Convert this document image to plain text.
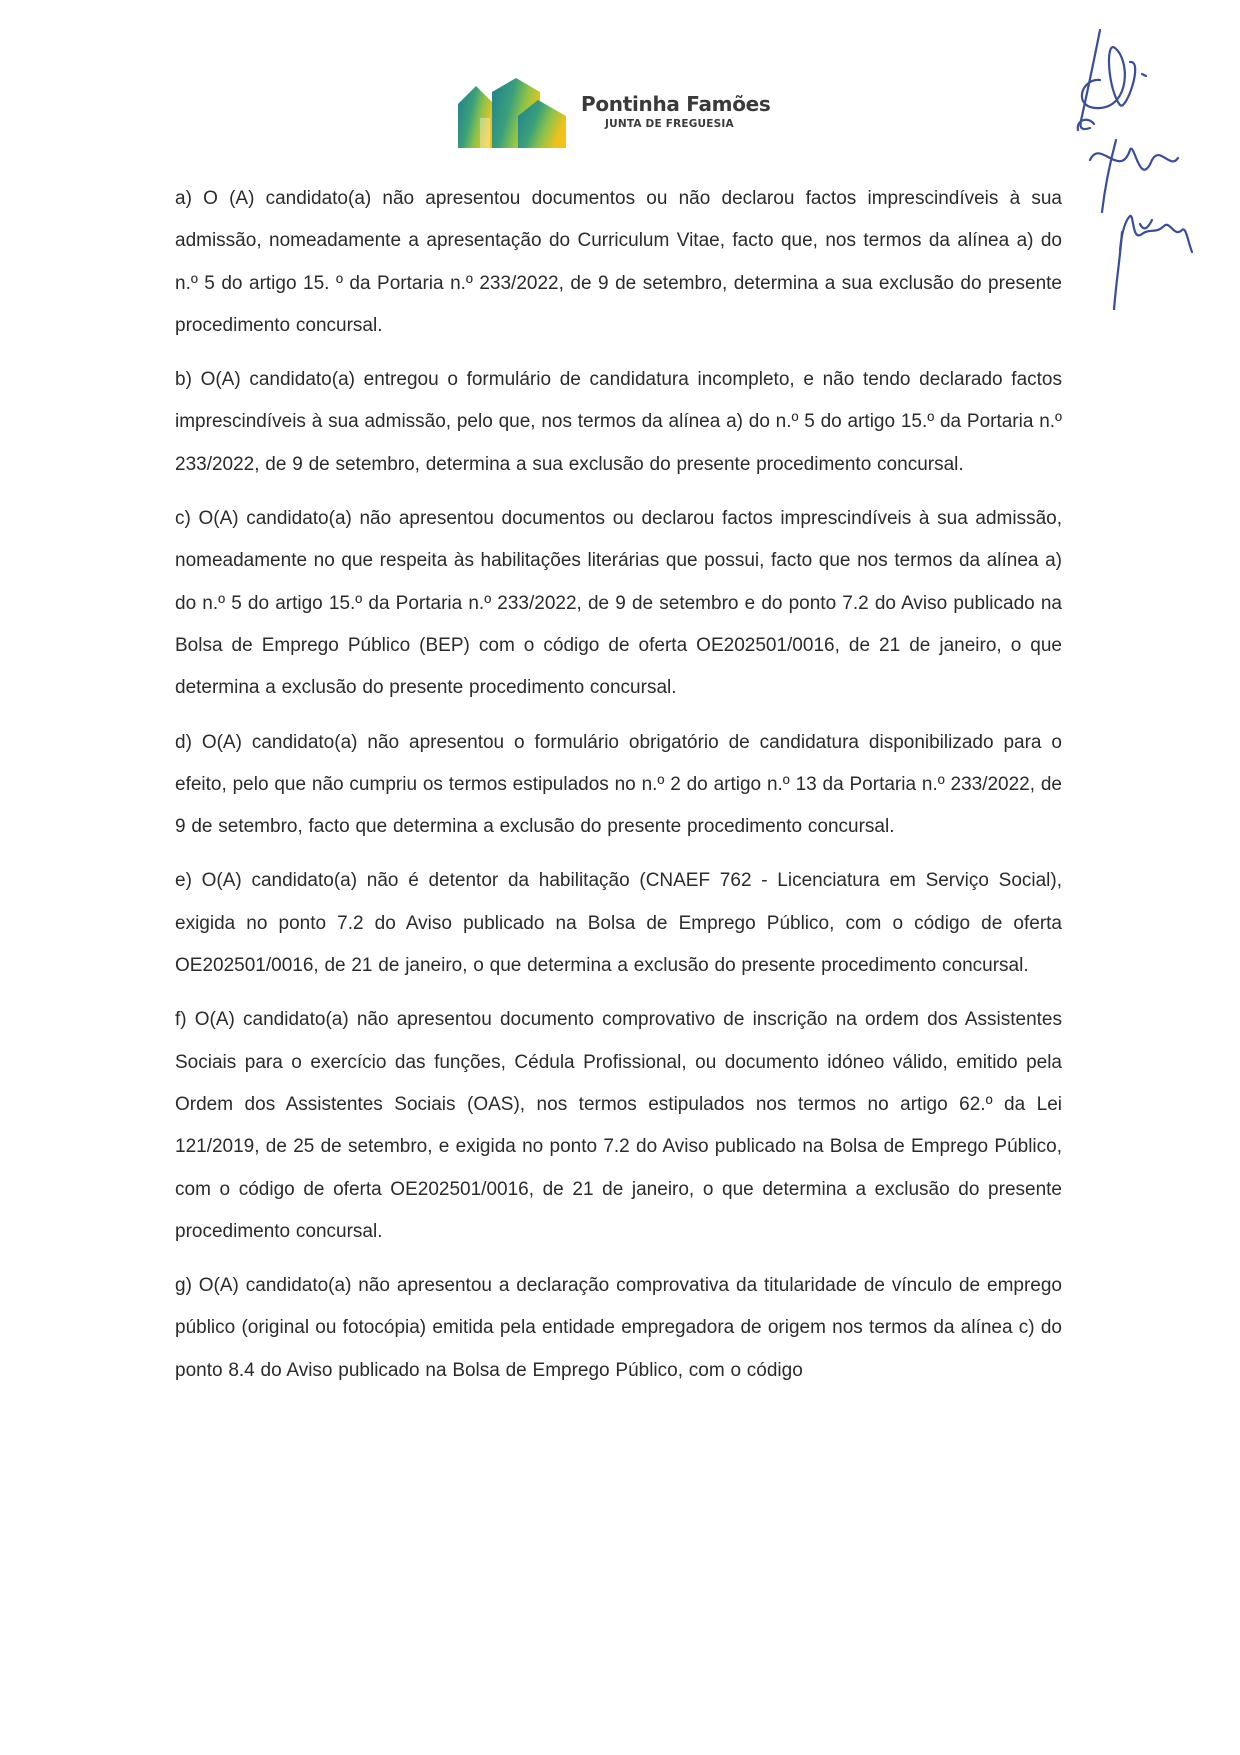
Pontinha Famões
JUNTA DE FREGUESIA

a) O (A) candidato(a) não apresentou documentos ou não declarou factos imprescindíveis à sua admissão, nomeadamente a apresentação do Curriculum Vitae, facto que, nos termos da alínea a) do n.º 5 do artigo 15. º da Portaria n.º 233/2022, de 9 de setembro, determina a sua exclusão do presente procedimento concursal.

b) O(A) candidato(a) entregou o formulário de candidatura incompleto, e não tendo declarado factos imprescindíveis à sua admissão, pelo que, nos termos da alínea a) do n.º 5 do artigo 15.º da Portaria n.º 233/2022, de 9 de setembro, determina a sua exclusão do presente procedimento concursal.

c) O(A) candidato(a) não apresentou documentos ou declarou factos imprescindíveis à sua admissão, nomeadamente no que respeita às habilitações literárias que possui, facto que nos termos da alínea a) do n.º 5 do artigo 15.º da Portaria n.º 233/2022, de 9 de setembro e do ponto 7.2 do Aviso publicado na Bolsa de Emprego Público (BEP) com o código de oferta OE202501/0016, de 21 de janeiro, o que determina a exclusão do presente procedimento concursal.

d) O(A) candidato(a) não apresentou o formulário obrigatório de candidatura disponibilizado para o efeito, pelo que não cumpriu os termos estipulados no n.º 2 do artigo n.º 13 da Portaria n.º 233/2022, de 9 de setembro, facto que determina a exclusão do presente procedimento concursal.

e) O(A) candidato(a) não é detentor da habilitação (CNAEF 762 - Licenciatura em Serviço Social), exigida no ponto 7.2 do Aviso publicado na Bolsa de Emprego Público, com o código de oferta OE202501/0016, de 21 de janeiro, o que determina a exclusão do presente procedimento concursal.

f) O(A) candidato(a) não apresentou documento comprovativo de inscrição na ordem dos Assistentes Sociais para o exercício das funções, Cédula Profissional, ou documento idóneo válido, emitido pela Ordem dos Assistentes Sociais (OAS), nos termos estipulados nos termos no artigo 62.º da Lei 121/2019, de 25 de setembro, e exigida no ponto 7.2 do Aviso publicado na Bolsa de Emprego Público, com o código de oferta OE202501/0016, de 21 de janeiro, o que determina a exclusão do presente procedimento concursal.

g) O(A) candidato(a) não apresentou a declaração comprovativa da titularidade de vínculo de emprego público (original ou fotocópia) emitida pela entidade empregadora de origem nos termos da alínea c) do ponto 8.4 do Aviso publicado na Bolsa de Emprego Público, com o código
